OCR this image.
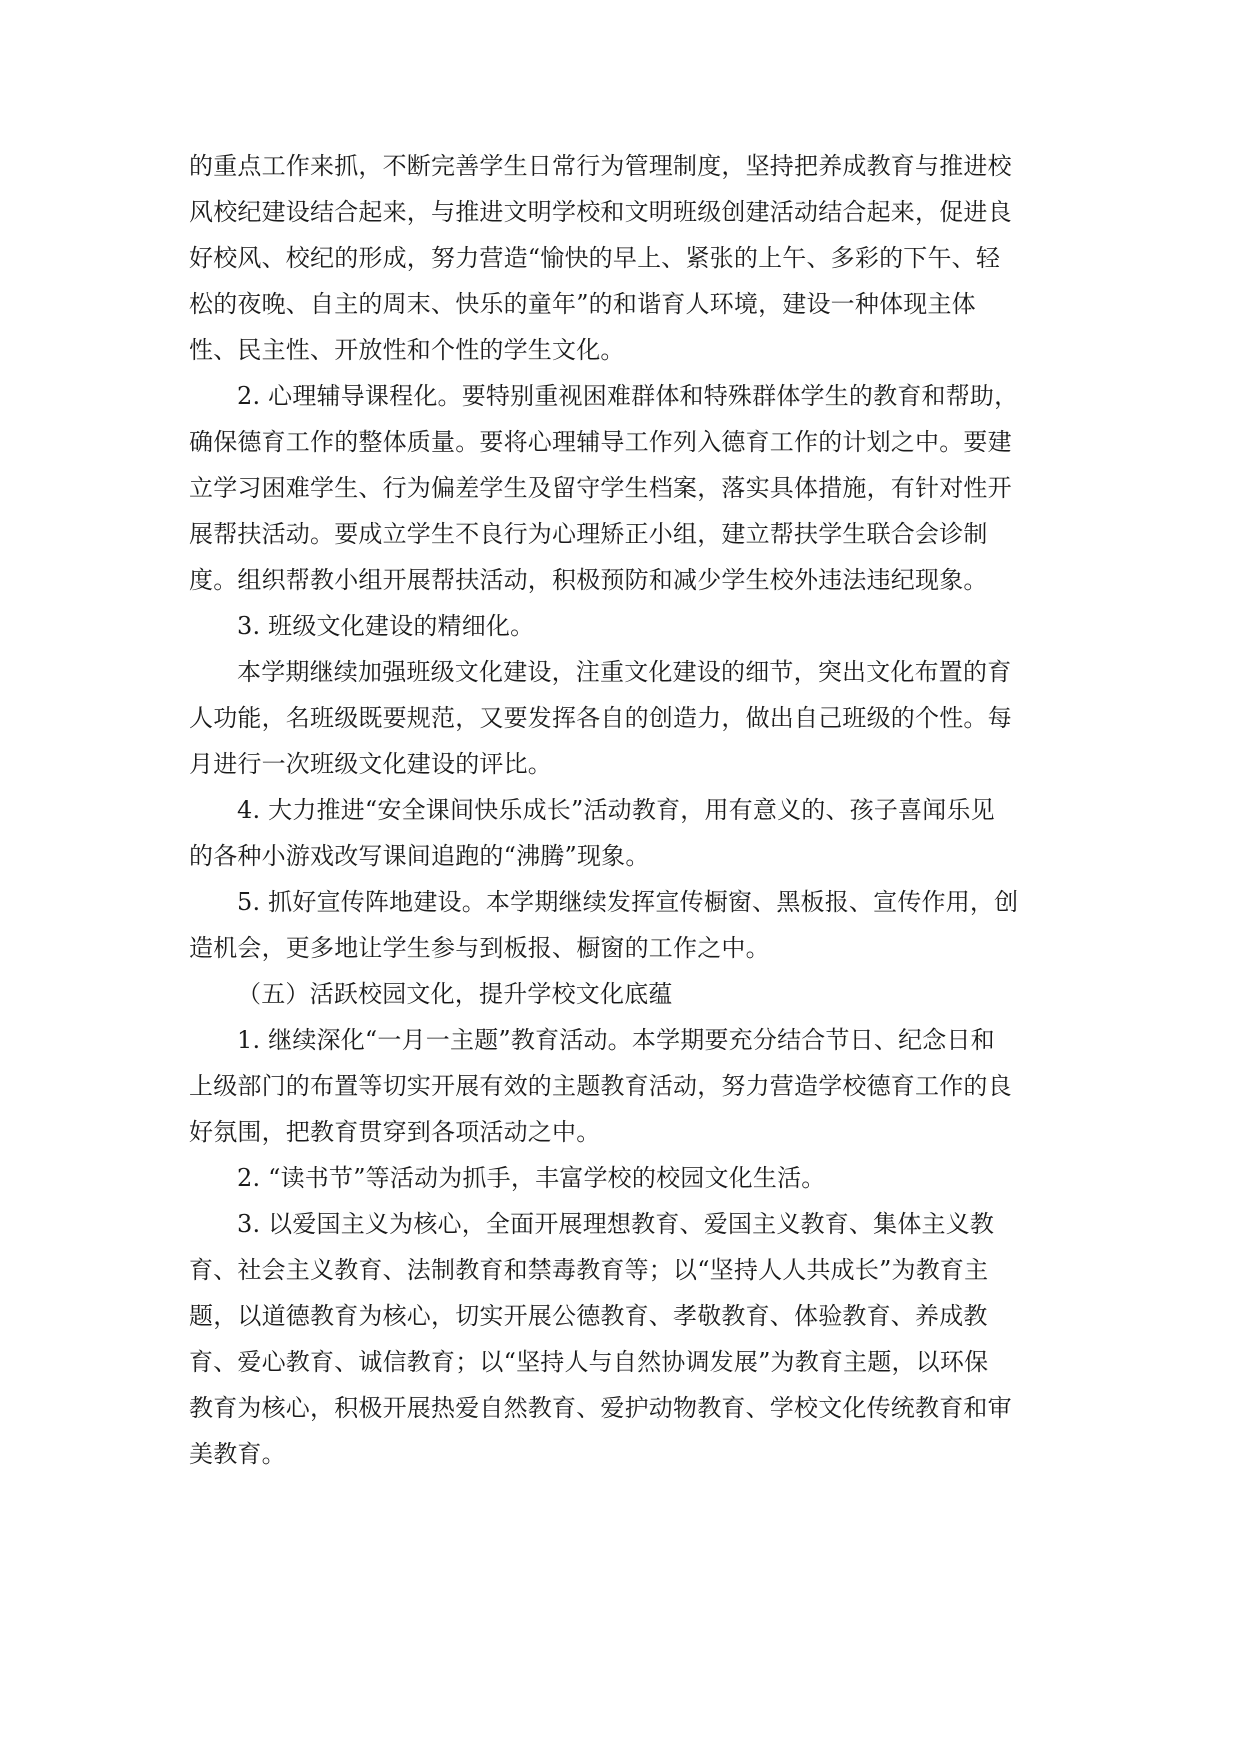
的重点工作来抓，不断完善学生日常行为管理制度，坚持把养成教育与推进校
风校纪建设结合起来，与推进文明学校和文明班级创建活动结合起来，促进良
好校风、校纪的形成，努力营造“愉快的早上、紧张的上午、多彩的下午、轻
松的夜晚、自主的周末、快乐的童年”的和谐育人环境，建设一种体现主体
性、民主性、开放性和个性的学生文化。

2. 心理辅导课程化。要特别重视困难群体和特殊群体学生的教育和帮助，
确保德育工作的整体质量。要将心理辅导工作列入德育工作的计划之中。要建
立学习困难学生、行为偏差学生及留守学生档案，落实具体措施，有针对性开
展帮扶活动。要成立学生不良行为心理矫正小组，建立帮扶学生联合会诊制
度。组织帮教小组开展帮扶活动，积极预防和减少学生校外违法违纪现象。

3. 班级文化建设的精细化。

本学期继续加强班级文化建设，注重文化建设的细节，突出文化布置的育
人功能，名班级既要规范，又要发挥各自的创造力，做出自己班级的个性。每
月进行一次班级文化建设的评比。

4. 大力推进“安全课间快乐成长”活动教育，用有意义的、孩子喜闻乐见
的各种小游戏改写课间追跑的“沸腾”现象。

5. 抓好宣传阵地建设。本学期继续发挥宣传橱窗、黑板报、宣传作用，创
造机会，更多地让学生参与到板报、橱窗的工作之中。

（五）活跃校园文化，提升学校文化底蕴

1. 继续深化“一月一主题”教育活动。本学期要充分结合节日、纪念日和
上级部门的布置等切实开展有效的主题教育活动，努力营造学校德育工作的良
好氛围，把教育贯穿到各项活动之中。

2. “读书节”等活动为抓手，丰富学校的校园文化生活。

3. 以爱国主义为核心，全面开展理想教育、爱国主义教育、集体主义教
育、社会主义教育、法制教育和禁毒教育等；以“坚持人人共成长”为教育主
题，以道德教育为核心，切实开展公德教育、孝敬教育、体验教育、养成教
育、爱心教育、诚信教育；以“坚持人与自然协调发展”为教育主题，以环保
教育为核心，积极开展热爱自然教育、爱护动物教育、学校文化传统教育和审
美教育。
